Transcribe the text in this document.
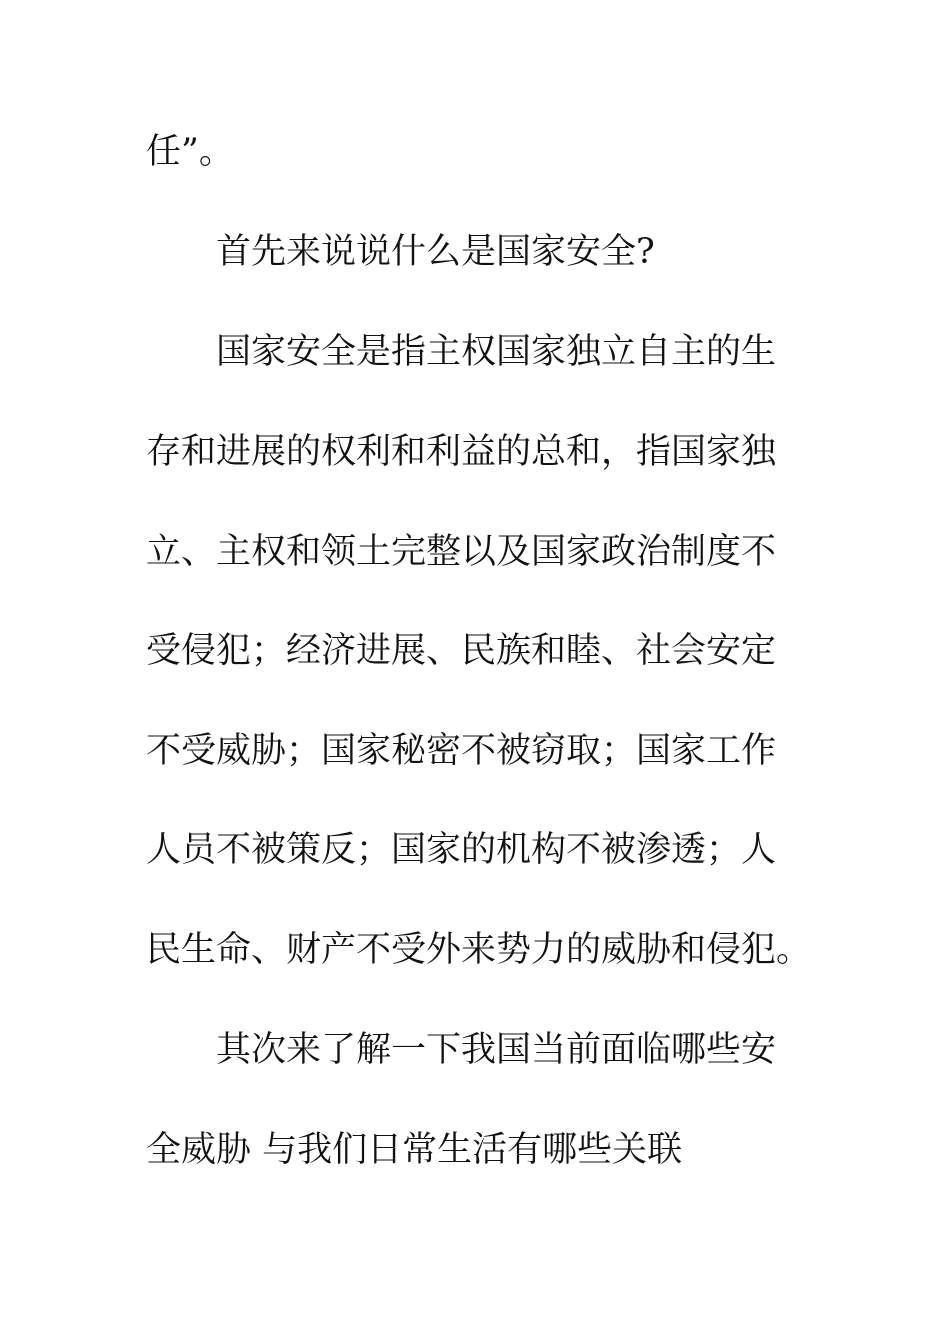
任”。

首先来说说什么是国家安全?

国家安全是指主权国家独立自主的生

存和进展的权利和利益的总和，指国家独

立、主权和领土完整以及国家政治制度不

受侵犯；经济进展、民族和睦、社会安定

不受威胁；国家秘密不被窃取；国家工作

人员不被策反；国家的机构不被渗透；人

民生命、财产不受外来势力的威胁和侵犯。

其次来了解一下我国当前面临哪些安

全威胁 与我们日常生活有哪些关联
